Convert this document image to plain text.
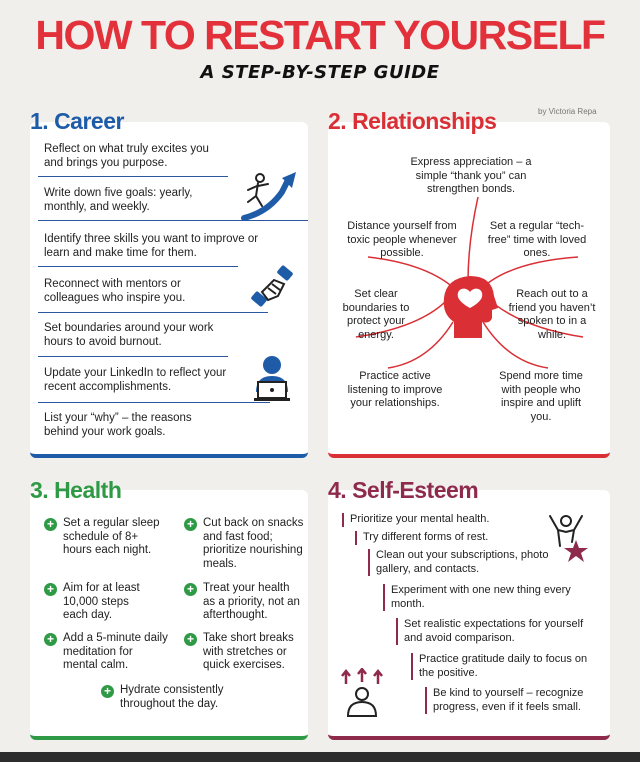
HOW TO RESTART YOURSELF
A STEP-BY-STEP GUIDE
by Victoria Repa
1. Career
Reflect on what truly excites you and brings you purpose.
Write down five goals: yearly, monthly, and weekly.
Identify three skills you want to improve or learn and make time for them.
Reconnect with mentors or colleagues who inspire you.
Set boundaries around your work hours to avoid burnout.
Update your LinkedIn to reflect your recent accomplishments.
List your “why” – the reasons behind your work goals.
2. Relationships
Express appreciation – a simple “thank you” can strengthen bonds.
Distance yourself from toxic people whenever possible.
Set a regular “tech-free” time with loved ones.
Set clear boundaries to protect your energy.
Reach out to a friend you haven’t spoken to in a while.
Practice active listening to improve your relationships.
Spend more time with people who inspire and uplift you.
3. Health
+ Set a regular sleep schedule of 8+ hours each night.
+ Cut back on snacks and fast food; prioritize nourishing meals.
+ Aim for at least 10,000 steps each day.
+ Treat your health as a priority, not an afterthought.
+ Add a 5-minute daily meditation for mental calm.
+ Take short breaks with stretches or quick exercises.
+ Hydrate consistently throughout the day.
4. Self-Esteem
Prioritize your mental health.
Try different forms of rest.
Clean out your subscriptions, photo gallery, and contacts.
Experiment with one new thing every month.
Set realistic expectations for yourself and avoid comparison.
Practice gratitude daily to focus on the positive.
Be kind to yourself – recognize progress, even if it feels small.
